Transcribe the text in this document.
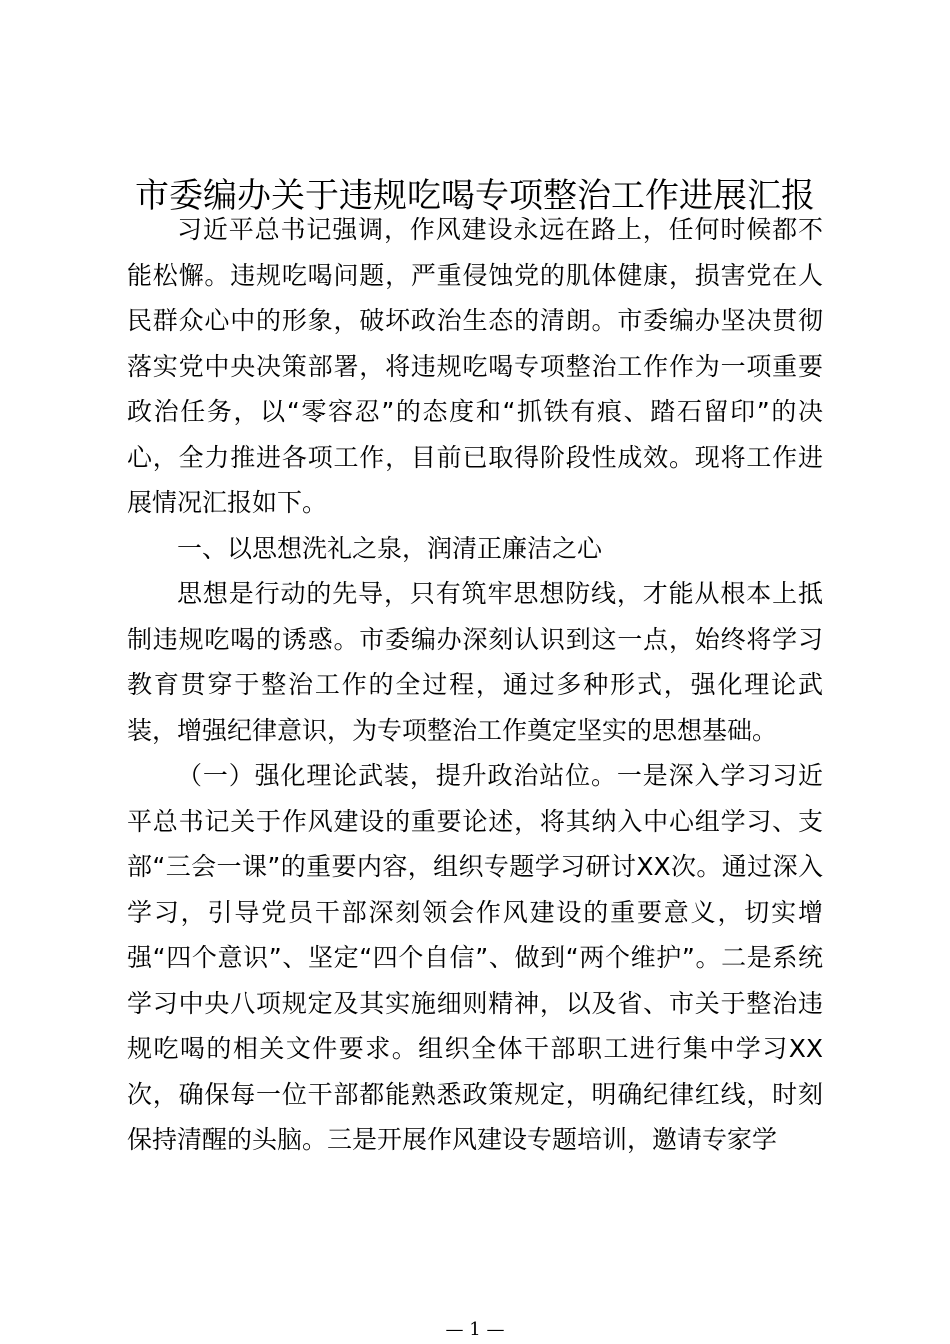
市委编办关于违规吃喝专项整治工作进展汇报

习近平总书记强调，作风建设永远在路上，任何时候都不能松懈。违规吃喝问题，严重侵蚀党的肌体健康，损害党在人民群众心中的形象，破坏政治生态的清朗。市委编办坚决贯彻落实党中央决策部署，将违规吃喝专项整治工作作为一项重要政治任务，以“零容忍”的态度和“抓铁有痕、踏石留印”的决心，全力推进各项工作，目前已取得阶段性成效。现将工作进展情况汇报如下。

一、以思想洗礼之泉，润清正廉洁之心

思想是行动的先导，只有筑牢思想防线，才能从根本上抵制违规吃喝的诱惑。市委编办深刻认识到这一点，始终将学习教育贯穿于整治工作的全过程，通过多种形式，强化理论武装，增强纪律意识，为专项整治工作奠定坚实的思想基础。

（一）强化理论武装，提升政治站位。一是深入学习习近平总书记关于作风建设的重要论述，将其纳入中心组学习、支部“三会一课”的重要内容，组织专题学习研讨XX次。通过深入学习，引导党员干部深刻领会作风建设的重要意义，切实增强“四个意识”、坚定“四个自信”、做到“两个维护”。二是系统学习中央八项规定及其实施细则精神，以及省、市关于整治违规吃喝的相关文件要求。组织全体干部职工进行集中学习XX次，确保每一位干部都能熟悉政策规定，明确纪律红线，时刻保持清醒的头脑。三是开展作风建设专题培训，邀请专家学

— 1 —
